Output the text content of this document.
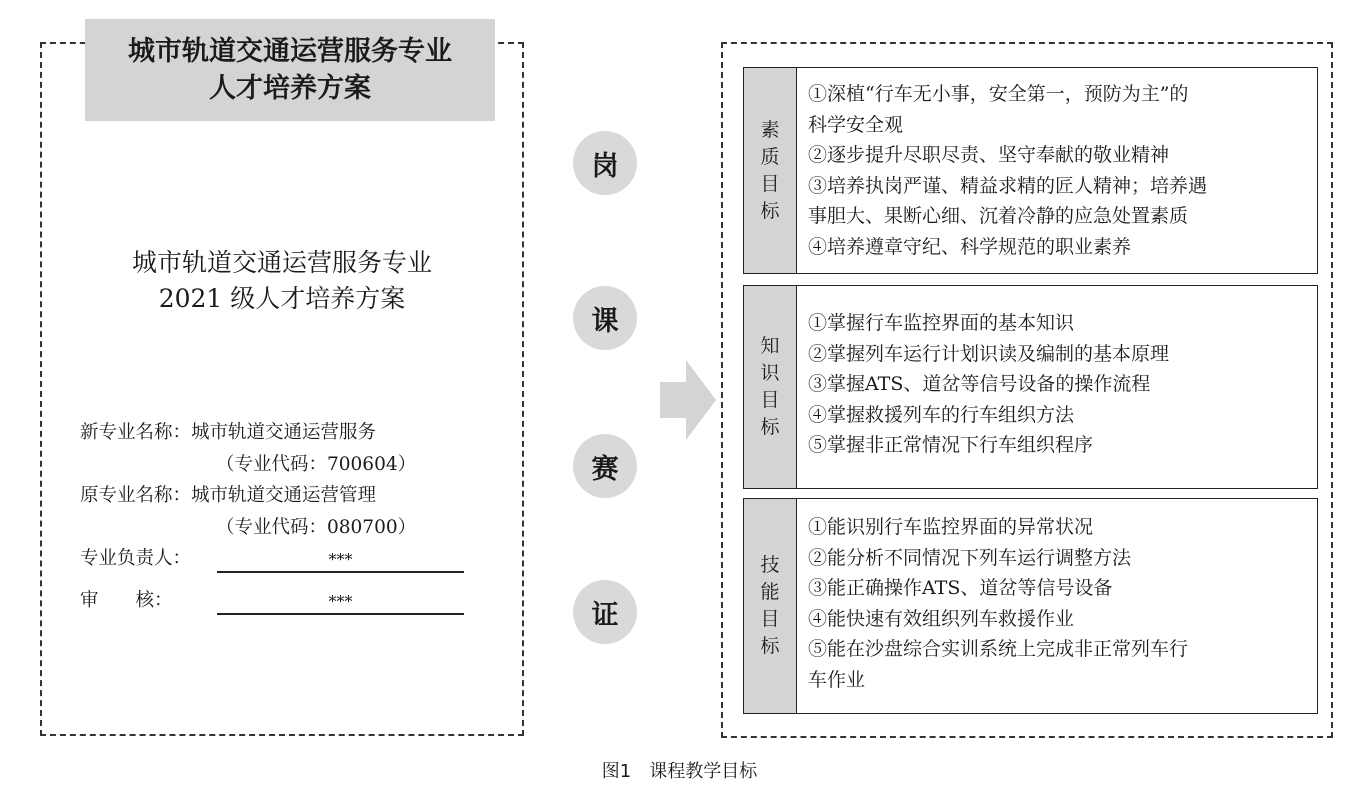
城市轨道交通运营服务专业
人才培养方案
城市轨道交通运营服务专业
2021 级人才培养方案
新专业名称：城市轨道交通运营服务
（专业代码：700604）
原专业名称：城市轨道交通运营管理
（专业代码：080700）
专业负责人：	***
审　　核：	***
岗
课
赛
证
素
质
目
标
①深植“行车无小事，安全第一，预防为主”的
科学安全观
②逐步提升尽职尽责、坚守奉献的敬业精神
③培养执岗严谨、精益求精的匠人精神；培养遇
事胆大、果断心细、沉着冷静的应急处置素质
④培养遵章守纪、科学规范的职业素养
知
识
目
标
①掌握行车监控界面的基本知识
②掌握列车运行计划识读及编制的基本原理
③掌握ATS、道岔等信号设备的操作流程
④掌握救援列车的行车组织方法
⑤掌握非正常情况下行车组织程序
技
能
目
标
①能识别行车监控界面的异常状况
②能分析不同情况下列车运行调整方法
③能正确操作ATS、道岔等信号设备
④能快速有效组织列车救援作业
⑤能在沙盘综合实训系统上完成非正常列车行
车作业
图1　课程教学目标
